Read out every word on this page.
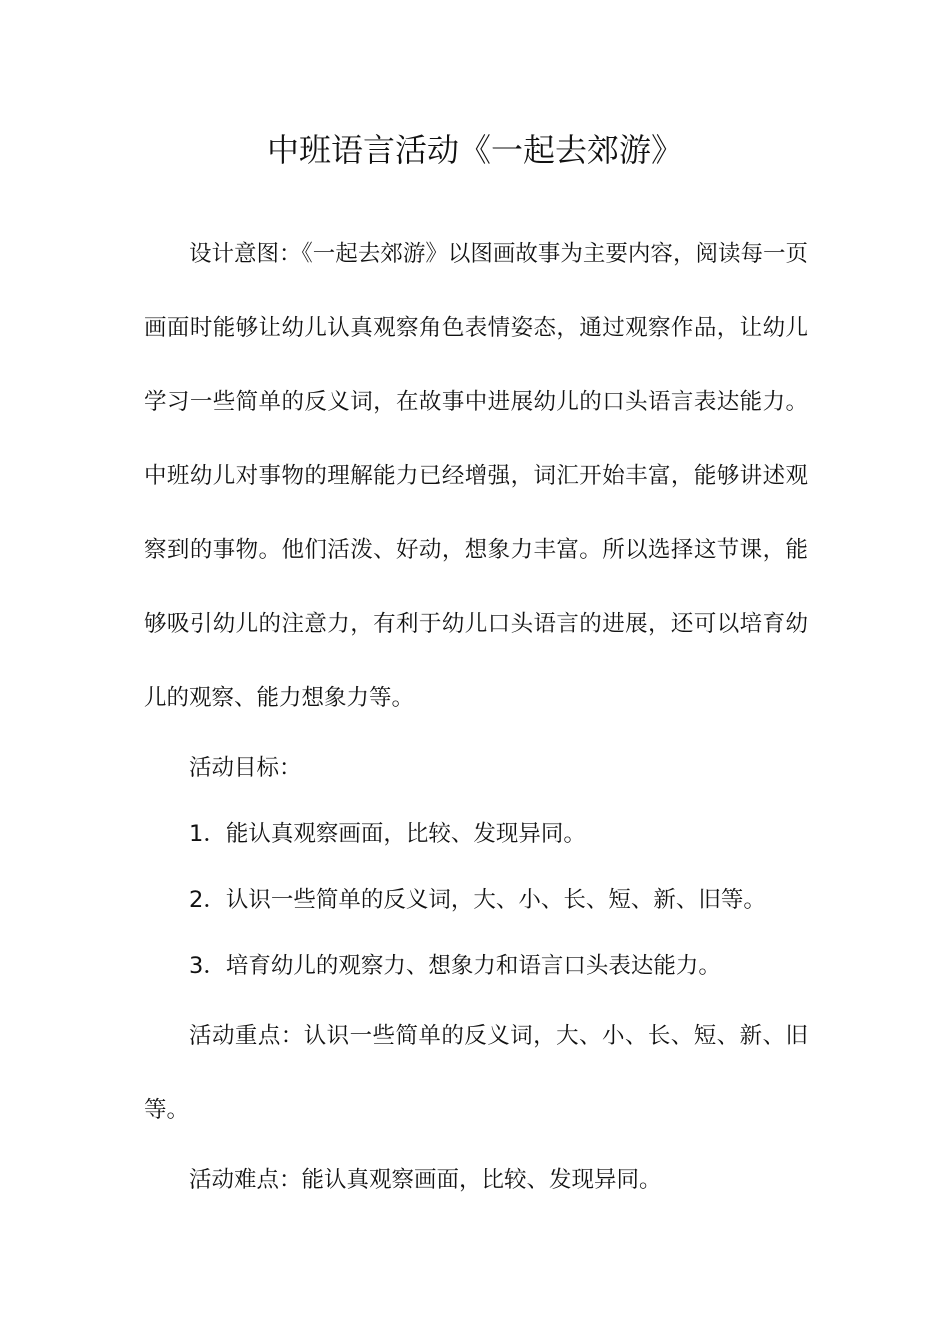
中班语言活动《一起去郊游》

设计意图：《一起去郊游》以图画故事为主要内容，阅读每一页画面时能够让幼儿认真观察角色表情姿态，通过观察作品，让幼儿学习一些简单的反义词，在故事中进展幼儿的口头语言表达能力。中班幼儿对事物的理解能力已经增强，词汇开始丰富，能够讲述观察到的事物。他们活泼、好动，想象力丰富。所以选择这节课，能够吸引幼儿的注意力，有利于幼儿口头语言的进展，还可以培育幼儿的观察、能力想象力等。

活动目标：

1．能认真观察画面，比较、发现异同。

2．认识一些简单的反义词，大、小、长、短、新、旧等。

3．培育幼儿的观察力、想象力和语言口头表达能力。

活动重点：认识一些简单的反义词，大、小、长、短、新、旧等。

活动难点：能认真观察画面，比较、发现异同。
